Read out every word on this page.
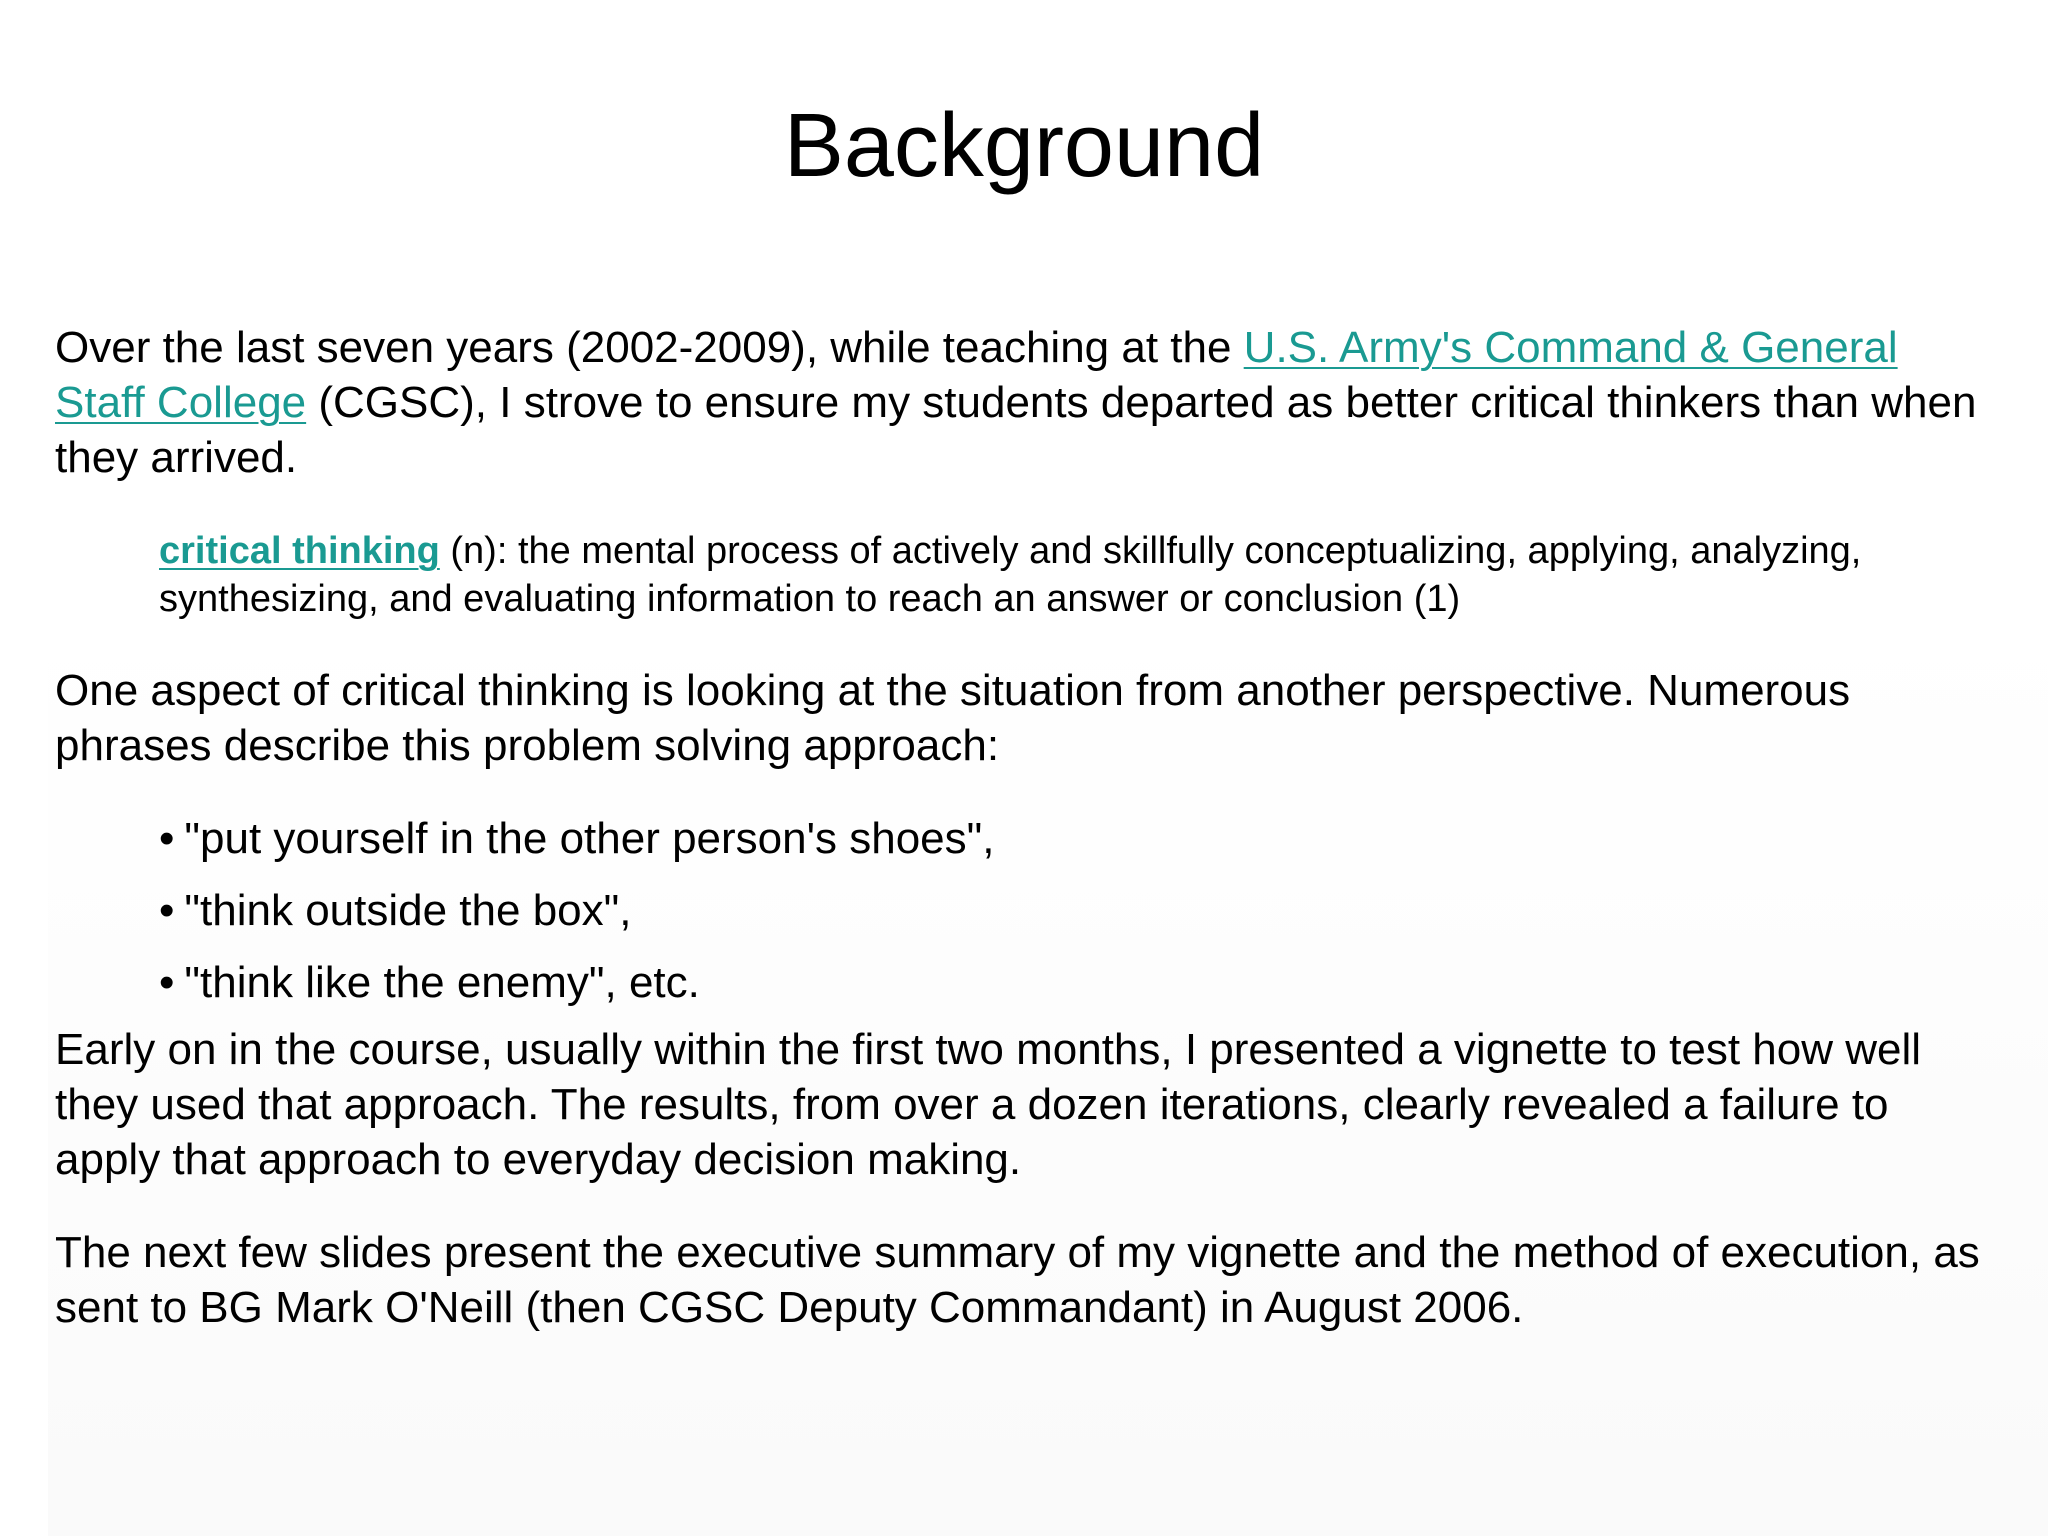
Background

Over the last seven years (2002-2009), while teaching at the U.S. Army's Command & General Staff College (CGSC), I strove to ensure my students departed as better critical thinkers than when they arrived.

critical thinking (n): the mental process of actively and skillfully conceptualizing, applying, analyzing, synthesizing, and evaluating information to reach an answer or conclusion (1)

One aspect of critical thinking is looking at the situation from another perspective. Numerous phrases describe this problem solving approach:

• "put yourself in the other person's shoes",
• "think outside the box",
• "think like the enemy", etc.

Early on in the course, usually within the first two months, I presented a vignette to test how well they used that approach. The results, from over a dozen iterations, clearly revealed a failure to apply that approach to everyday decision making.

The next few slides present the executive summary of my vignette and the method of execution, as sent to BG Mark O'Neill (then CGSC Deputy Commandant) in August 2006.
